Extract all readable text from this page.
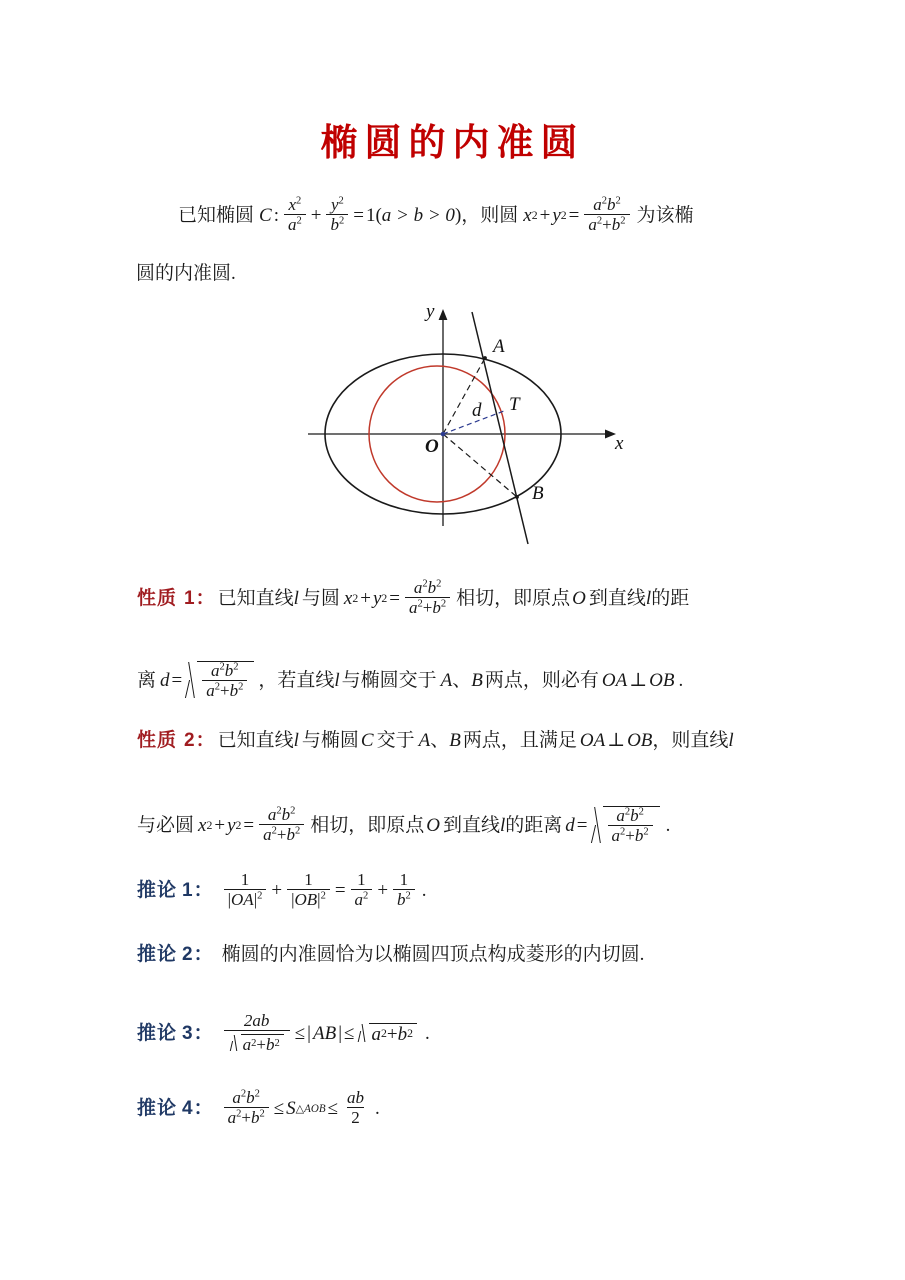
椭圆的内准圆
已知椭圆 C : $\frac{x^2}{a^2} + \frac{y^2}{b^2} = 1$ ( a > b > 0 ) ， 则圆 x 2 + y $2 = \frac{a^2b^2}{a^2+b^2}$ 为该椭
圆的内准圆.
y
x
O
A
B
T
d
性质 1 ： 已知直线 l 与圆 x 2 + y $2 = \frac{a^2b^2}{a^2+b^2}$ 相切，即原点 O 到直线 l 的距
离 $d = \frac{a^2b^2}{a^2+b^2}$ ，若直线 l 与椭圆交于 A 、 B 两点，则必有 OA ⊥ OB .
性质 2 ： 已知直线 l 与椭圆 C 交于 A 、 B 两点，且满足 OA ⊥ OB ，则直线 l
与必圆 x 2 + y $2 = \frac{a^2b^2}{a^2+b^2}$ 相切，即原点 O 到直线 l 的距离 $d = \frac{a^2b^2}{a^2+b^2}$ .
推论 1 ： $\frac{1}{|OA|^2} + \frac{1}{|OB|^2} = \frac{1}{a^2} + \frac{1}{b^2}$ .
推论 2 ： 椭圆的内准圆恰为以椭圆四顶点构成菱形的内切圆.
推论 3 ： $\frac{2ab}{a 2 + b 2}$ ≤ | AB | ≤ a 2 + b 2 .
推论 4 ： $\frac{a^2b^2}{a^2+b^2} \le S$ △AOB ≤ $\frac{ab}{2}$ .
